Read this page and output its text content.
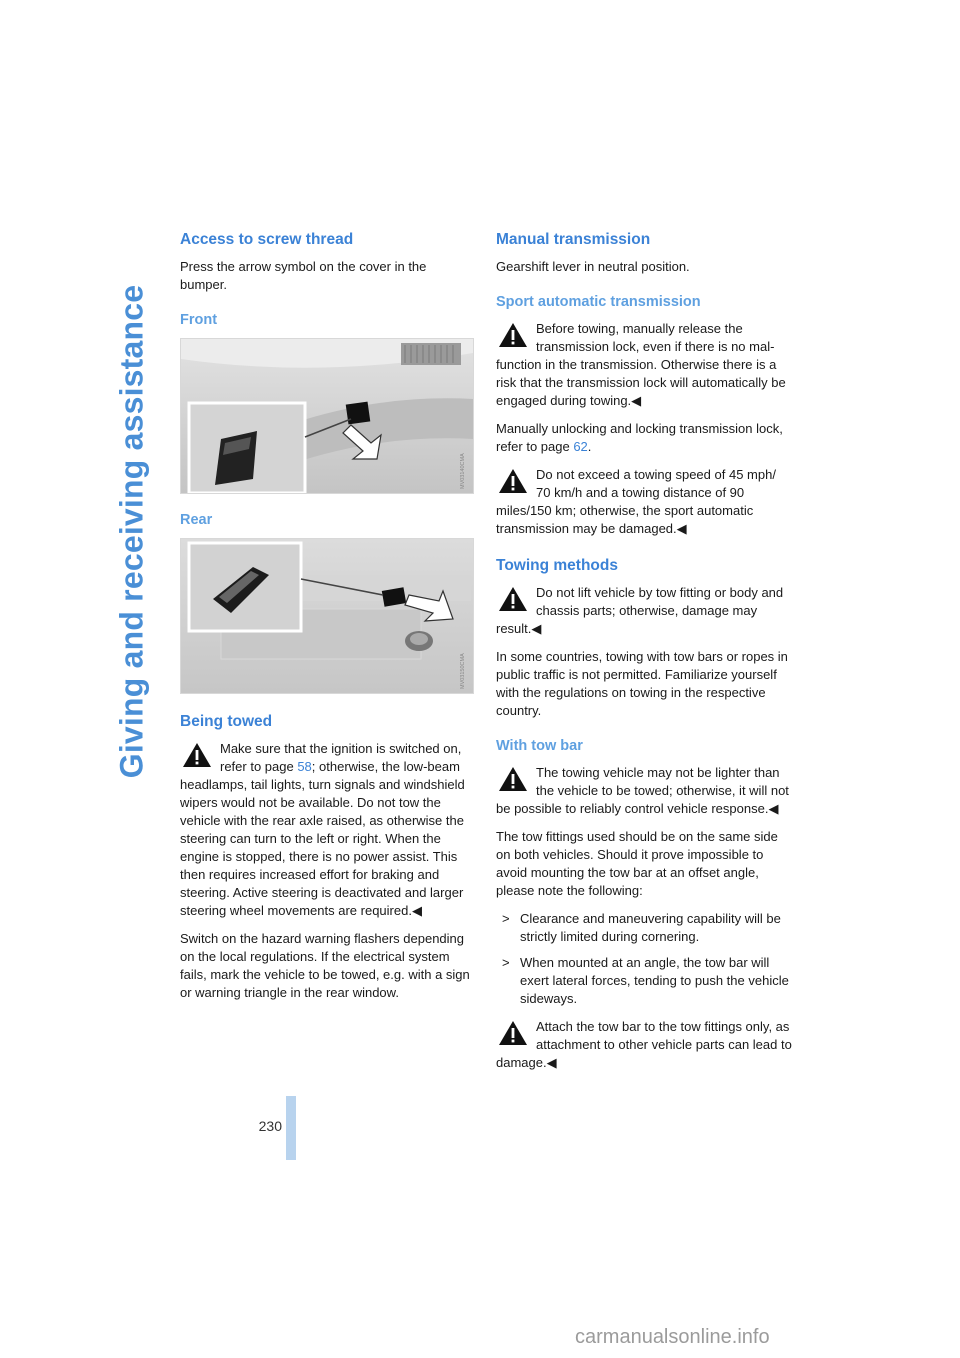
Giving and receiving assistance
Access to screw thread

Press the arrow symbol on the cover in the bumper.

Front
MV03140CMA
Rear
MV03150CMA
Being towed

Make sure that the ignition is switched on, refer to page 58; otherwise, the low-beam headlamps, tail lights, turn signals and windshield wipers would not be available. Do not tow the vehicle with the rear axle raised, as otherwise the steering can turn to the left or right. When the engine is stopped, there is no power assist. This then requires increased effort for braking and steering. Active steering is deactivated and larger steering wheel movements are required.◀

Switch on the hazard warning flashers depending on the local regulations. If the electrical system fails, mark the vehicle to be towed, e.g. with a sign or warning triangle in the rear window.

Manual transmission

Gearshift lever in neutral position.

Sport automatic transmission

Before towing, manually release the transmission lock, even if there is no malfunction in the transmission. Otherwise there is a risk that the transmission lock will automatically be engaged during towing.◀

Manually unlocking and locking transmission lock, refer to page 62.

Do not exceed a towing speed of 45 mph/ 70 km/h and a towing distance of 90 miles/150 km; otherwise, the sport automatic transmission may be damaged.◀

Towing methods

Do not lift vehicle by tow fitting or body and chassis parts; otherwise, damage may result.◀

In some countries, towing with tow bars or ropes in public traffic is not permitted. Familiarize yourself with the regulations on towing in the respective country.

With tow bar

The towing vehicle may not be lighter than the vehicle to be towed; otherwise, it will not be possible to reliably control vehicle response.◀

The tow fittings used should be on the same side on both vehicles. Should it prove impossible to avoid mounting the tow bar at an offset angle, please note the following:

> Clearance and maneuvering capability will be strictly limited during cornering.
> When mounted at an angle, the tow bar will exert lateral forces, tending to push the vehicle sideways.

Attach the tow bar to the tow fittings only, as attachment to other vehicle parts can lead to damage.◀

230
carmanualsonline.info
